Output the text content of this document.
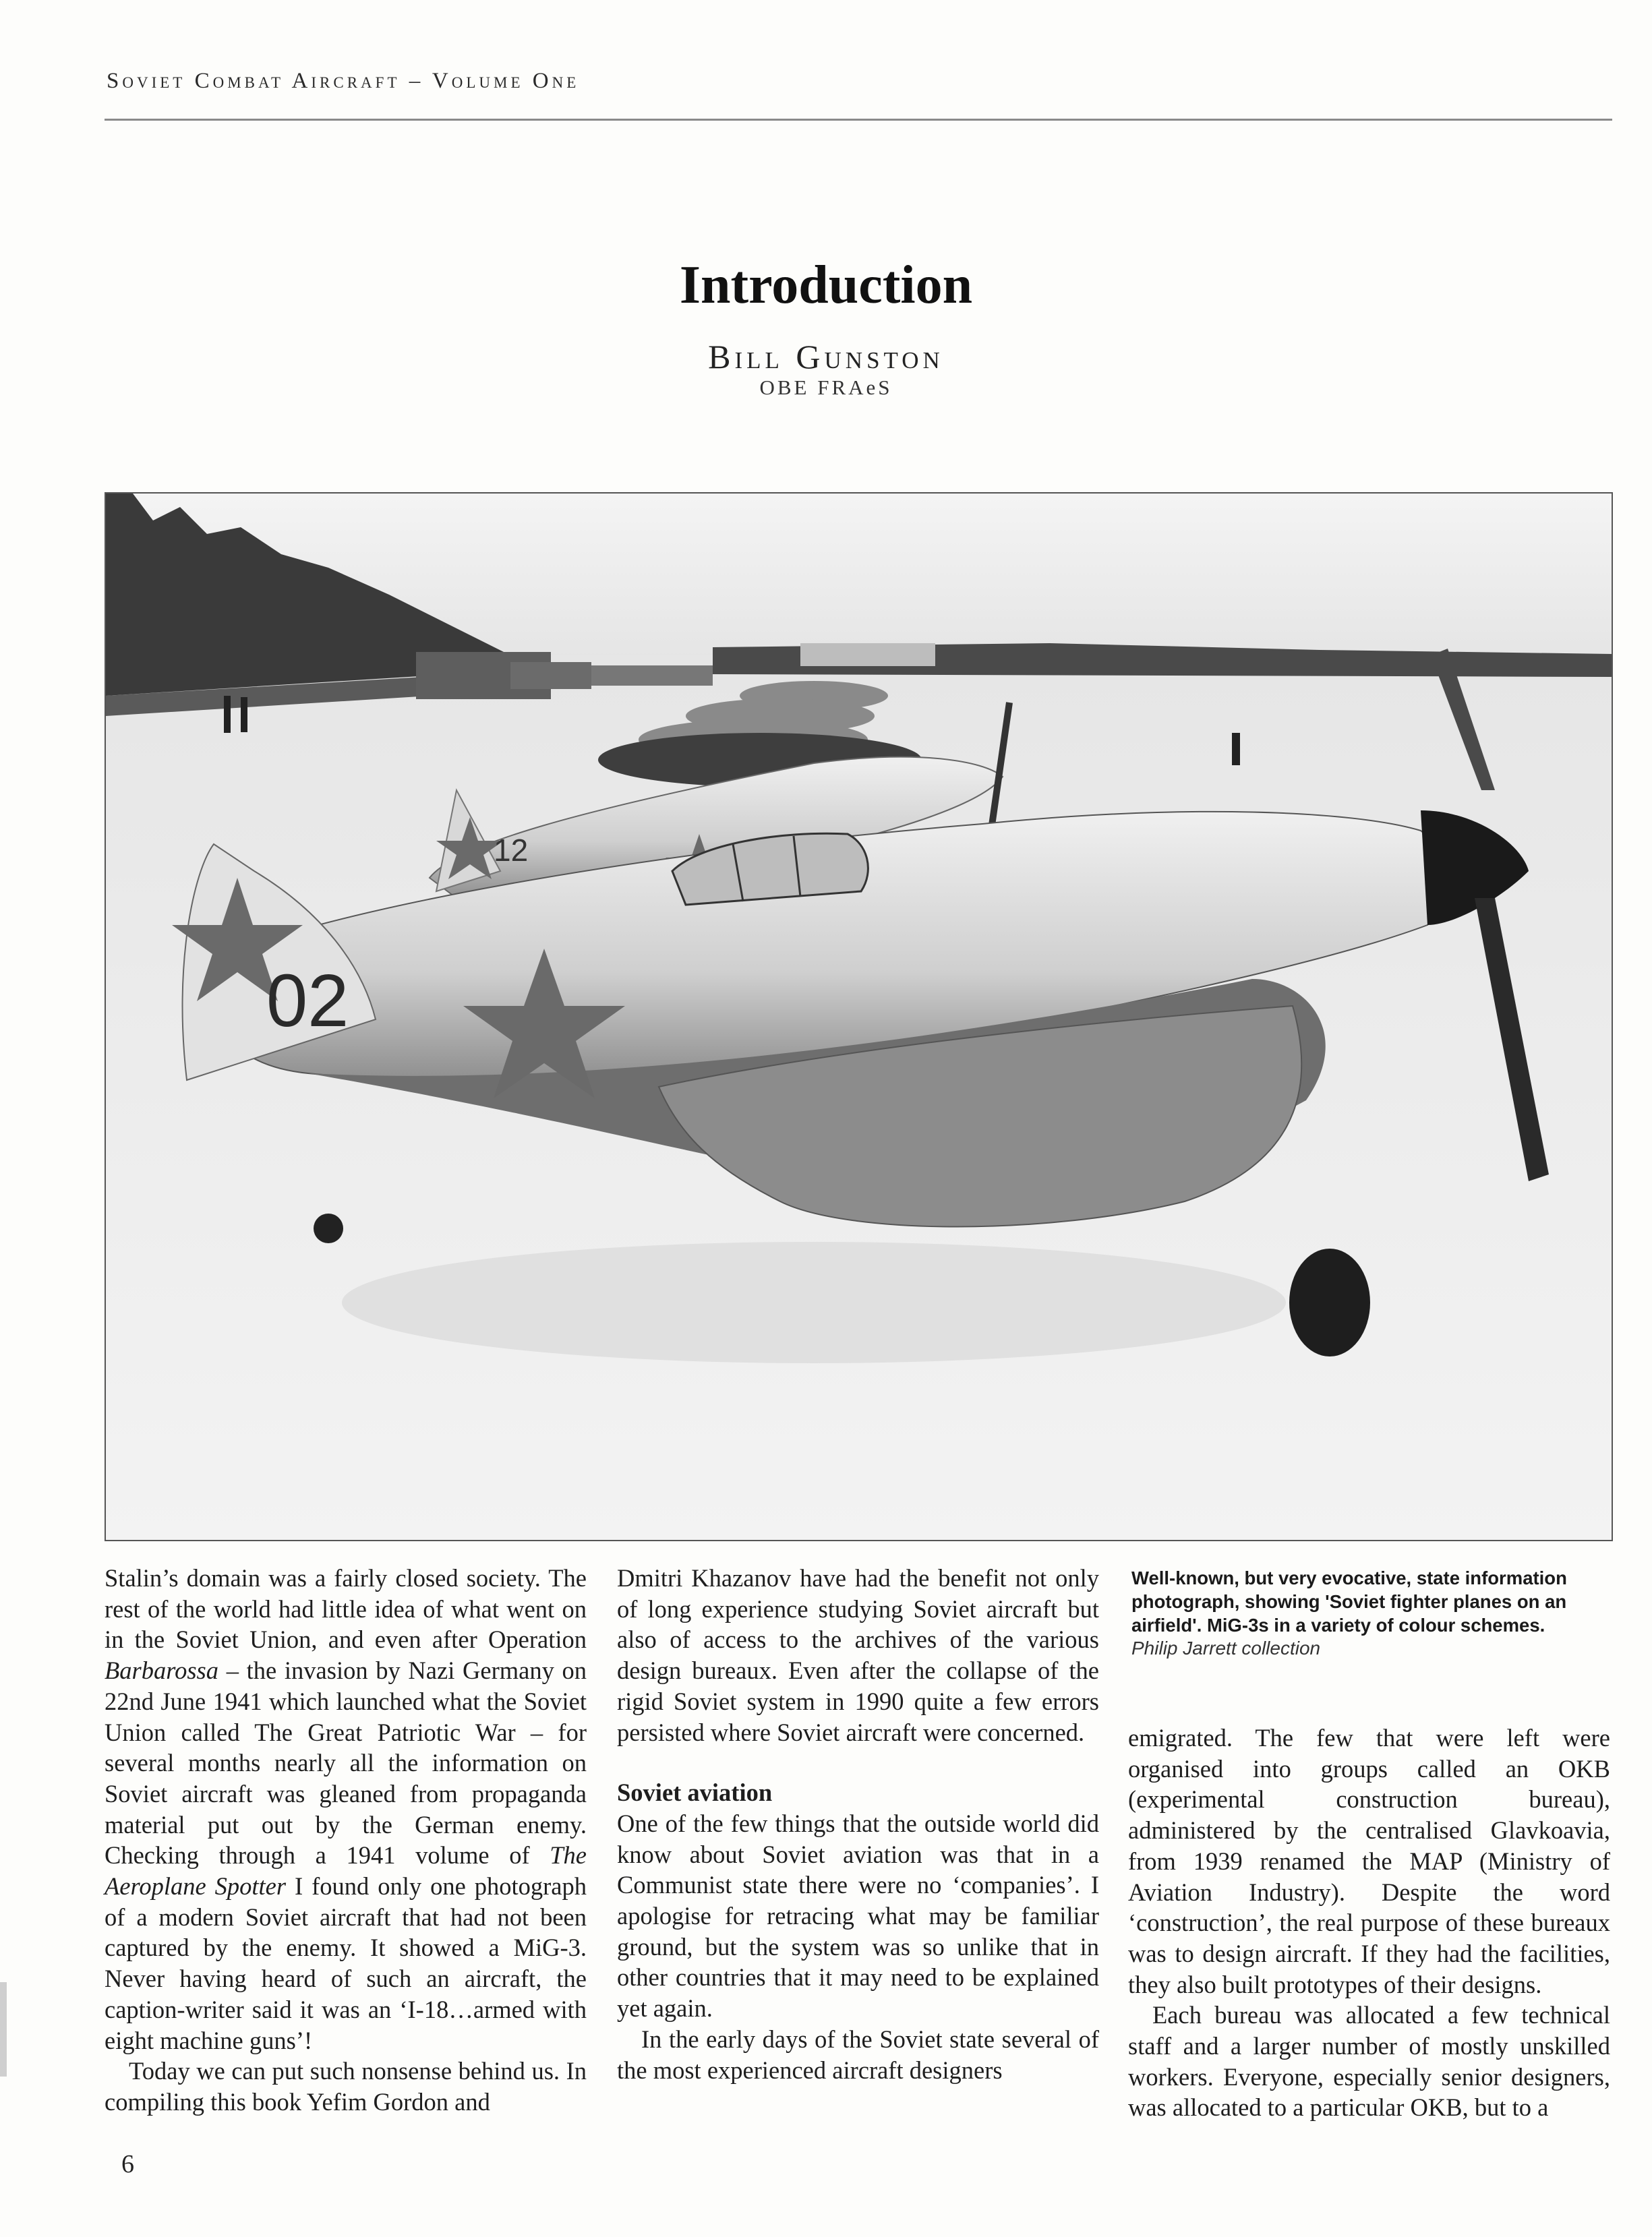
Soviet Combat Aircraft – Volume One
Introduction
Bill Gunston
OBE FRAeS
12
02

Stalin’s domain was a fairly closed society. The rest of the world had little idea of what went on in the Soviet Union, and even after Operation Barbarossa – the invasion by Nazi Germany on 22nd June 1941 which launched what the Soviet Union called The Great Patriotic War – for several months nearly all the information on Soviet aircraft was gleaned from propaganda material put out by the German enemy. Checking through a 1941 volume of The Aeroplane Spotter I found only one photograph of a modern Soviet aircraft that had not been captured by the enemy. It showed a MiG-3. Never having heard of such an aircraft, the caption-writer said it was an ‘I-18…armed with eight machine guns’!

Today we can put such nonsense behind us. In compiling this book Yefim Gordon and

Dmitri Khazanov have had the benefit not only of long experience studying Soviet aircraft but also of access to the archives of the various design bureaux. Even after the collapse of the rigid Soviet system in 1990 quite a few errors persisted where Soviet aircraft were concerned.

Soviet aviation

One of the few things that the outside world did know about Soviet aviation was that in a Communist state there were no ‘companies’. I apologise for retracing what may be familiar ground, but the system was so unlike that in other countries that it may need to be explained yet again.

In the early days of the Soviet state several of the most experienced aircraft designers

Well-known, but very evocative, state information photograph, showing 'Soviet fighter planes on an airfield'. MiG-3s in a variety of colour schemes.
Philip Jarrett collection

emigrated. The few that were left were organised into groups called an OKB (experimental construction bureau), administered by the centralised Glavkoavia, from 1939 renamed the MAP (Ministry of Aviation Industry). Despite the word ‘construction’, the real purpose of these bureaux was to design aircraft. If they had the facilities, they also built prototypes of their designs.

Each bureau was allocated a few technical staff and a larger number of mostly unskilled workers. Everyone, especially senior designers, was allocated to a particular OKB, but to a

6
